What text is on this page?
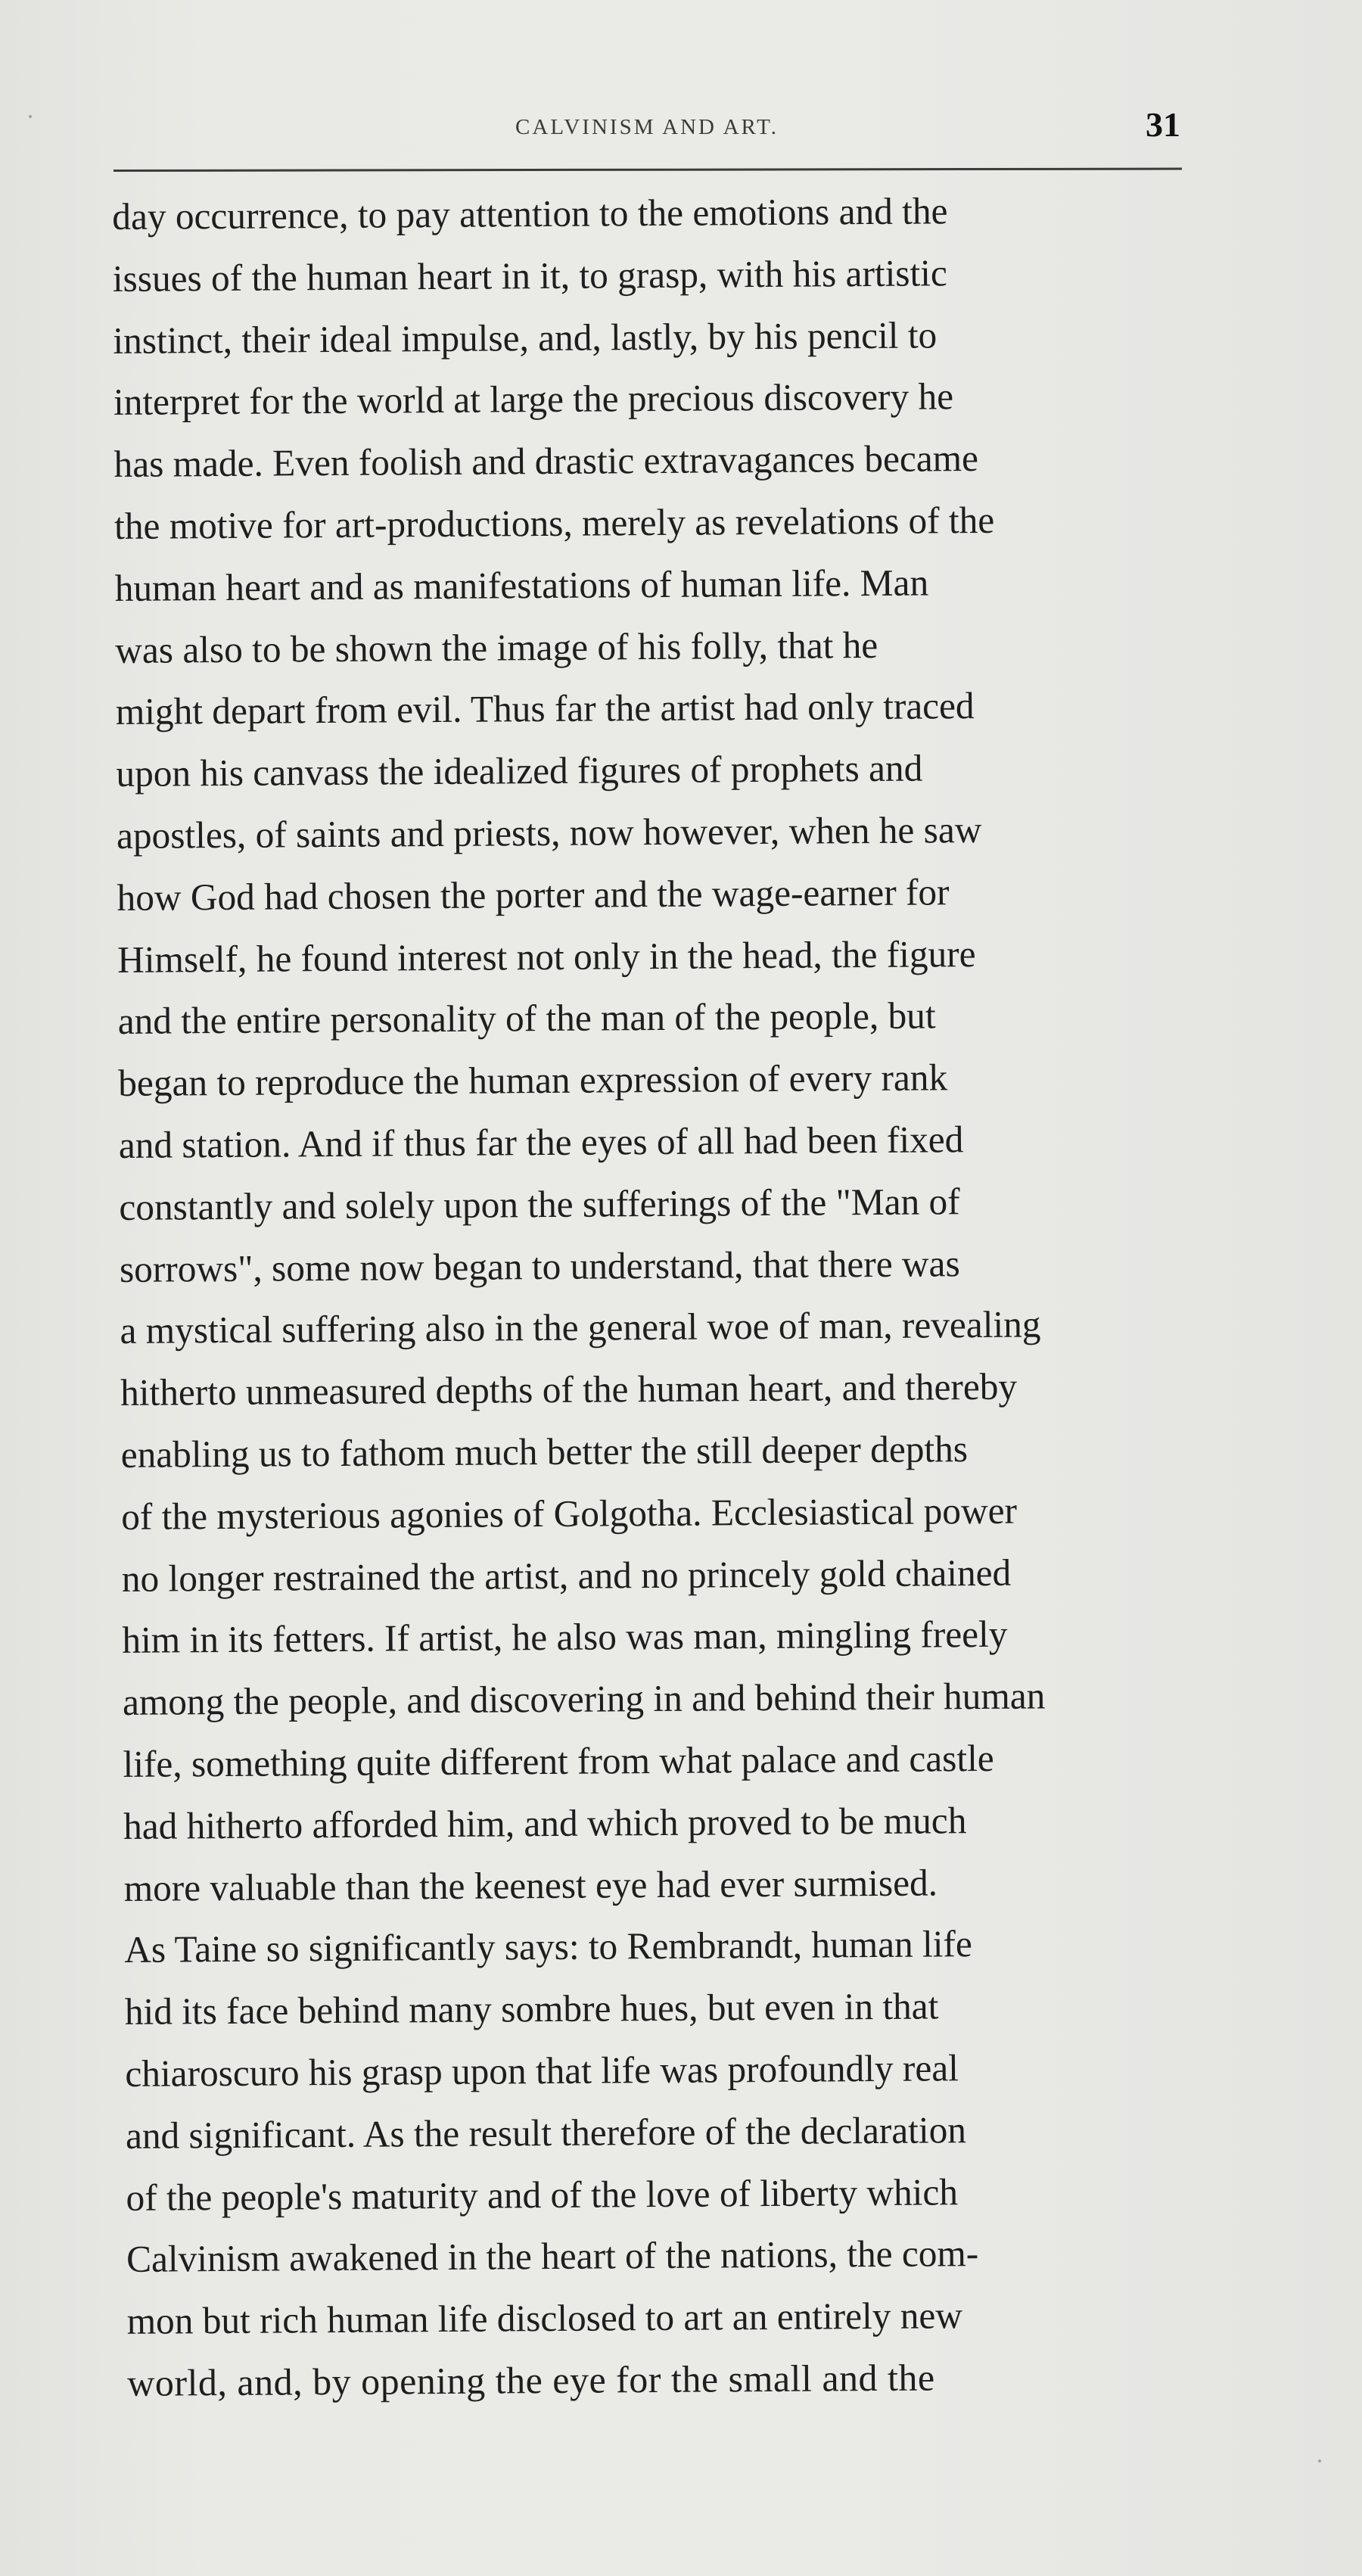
CALVINISM AND ART.	31
day occurrence, to pay attention to the emotions and the
issues of the human heart in it, to grasp, with his artistic
instinct, their ideal impulse, and, lastly, by his pencil to
interpret for the world at large the precious discovery he
has made. Even foolish and drastic extravagances became
the motive for art-productions, merely as revelations of the
human heart and as manifestations of human life. Man
was also to be shown the image of his folly, that he
might depart from evil. Thus far the artist had only traced
upon his canvass the idealized figures of prophets and
apostles, of saints and priests, now however, when he saw
how God had chosen the porter and the wage-earner for
Himself, he found interest not only in the head, the figure
and the entire personality of the man of the people, but
began to reproduce the human expression of every rank
and station. And if thus far the eyes of all had been fixed
constantly and solely upon the sufferings of the "Man of
sorrows", some now began to understand, that there was
a mystical suffering also in the general woe of man, revealing
hitherto unmeasured depths of the human heart, and thereby
enabling us to fathom much better the still deeper depths
of the mysterious agonies of Golgotha. Ecclesiastical power
no longer restrained the artist, and no princely gold chained
him in its fetters. If artist, he also was man, mingling freely
among the people, and discovering in and behind their human
life, something quite different from what palace and castle
had hitherto afforded him, and which proved to be much
more valuable than the keenest eye had ever surmised.
As Taine so significantly says: to Rembrandt, human life
hid its face behind many sombre hues, but even in that
chiaroscuro his grasp upon that life was profoundly real
and significant. As the result therefore of the declaration
of the people's maturity and of the love of liberty which
Calvinism awakened in the heart of the nations, the com-
mon but rich human life disclosed to art an entirely new
world, and, by opening the eye for the small and the
